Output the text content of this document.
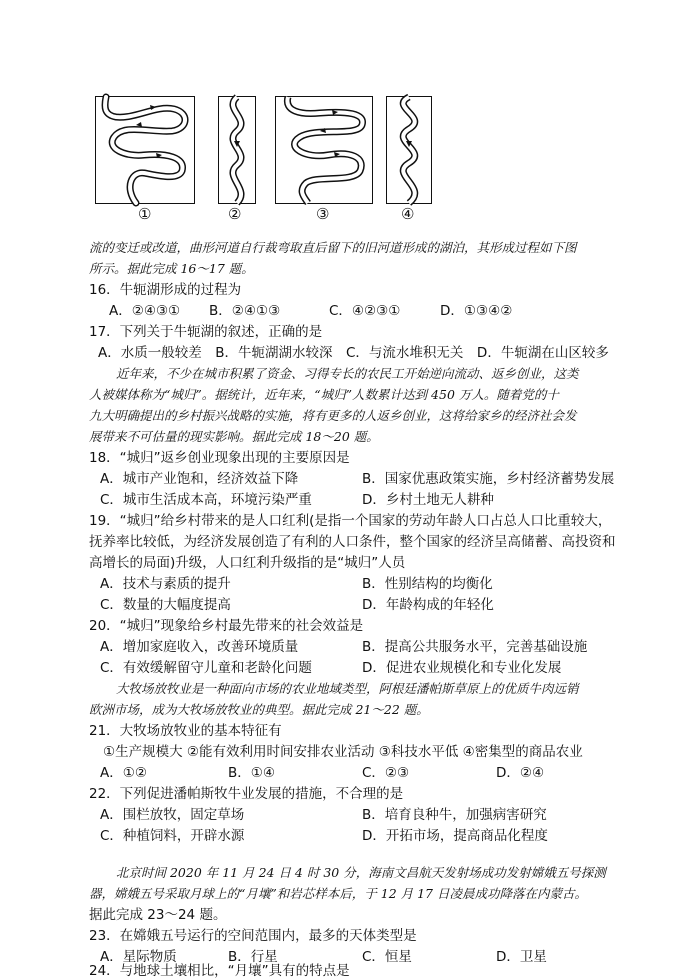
①	②	③	④
流的变迁或改道，曲形河道自行裁弯取直后留下的旧河道形成的湖泊，其形成过程如下图
所示。据此完成 16～17 题。
16．牛轭湖形成的过程为
A．②④③① B．②④①③	C．④②③①	D．①③④②
17．下列关于牛轭湖的叙述，正确的是
A．水质一般较差　B．牛轭湖湖水较深　C．与流水堆积无关　D．牛轭湖在山区较多
近年来，不少在城市积累了资金、习得专长的农民工开始逆向流动、返乡创业，这类
人被媒体称为“城归”。据统计，近年来，“城归”人数累计达到 450 万人。随着党的十
九大明确提出的乡村振兴战略的实施，将有更多的人返乡创业，这将给家乡的经济社会发
展带来不可估量的现实影响。据此完成 18～20 题。
18．“城归”返乡创业现象出现的主要原因是
A．城市产业饱和，经济效益下降	B．国家优惠政策实施，乡村经济蓄势发展
C．城市生活成本高，环境污染严重	D．乡村土地无人耕种
19．“城归”给乡村带来的是人口红利(是指一个国家的劳动年龄人口占总人口比重较大，
抚养率比较低，为经济发展创造了有利的人口条件，整个国家的经济呈高储蓄、高投资和
高增长的局面)升级，人口红利升级指的是“城归”人员
A．技术与素质的提升	B．性别结构的均衡化
C．数量的大幅度提高	D．年龄构成的年轻化
20．“城归”现象给乡村最先带来的社会效益是
A．增加家庭收入，改善环境质量	B．提高公共服务水平，完善基础设施
C．有效缓解留守儿童和老龄化问题	D．促进农业规模化和专业化发展
大牧场放牧业是一种面向市场的农业地域类型，阿根廷潘帕斯草原上的优质牛肉远销
欧洲市场，成为大牧场放牧业的典型。据此完成 21～22 题。
21．大牧场放牧业的基本特征有
①生产规模大 ②能有效利用时间安排农业活动 ③科技水平低 ④密集型的商品农业
A．①②	B．①④	C．②③	D．②④
22．下列促进潘帕斯牧牛业发展的措施，不合理的是
A．围栏放牧，固定草场	B．培育良种牛，加强病害研究
C．种植饲料，开辟水源	D．开拓市场，提高商品化程度
北京时间 2020 年 11 月 24 日 4 时 30 分，海南文昌航天发射场成功发射嫦娥五号探测
器，嫦娥五号采取月球上的“月壤”和岩芯样本后，于 12 月 17 日凌晨成功降落在内蒙古。
据此完成 23～24 题。
23．在嫦娥五号运行的空间范围内，最多的天体类型是
A．星际物质	B．行星	C．恒星	D．卫星
24．与地球土壤相比，“月壤”具有的特点是
